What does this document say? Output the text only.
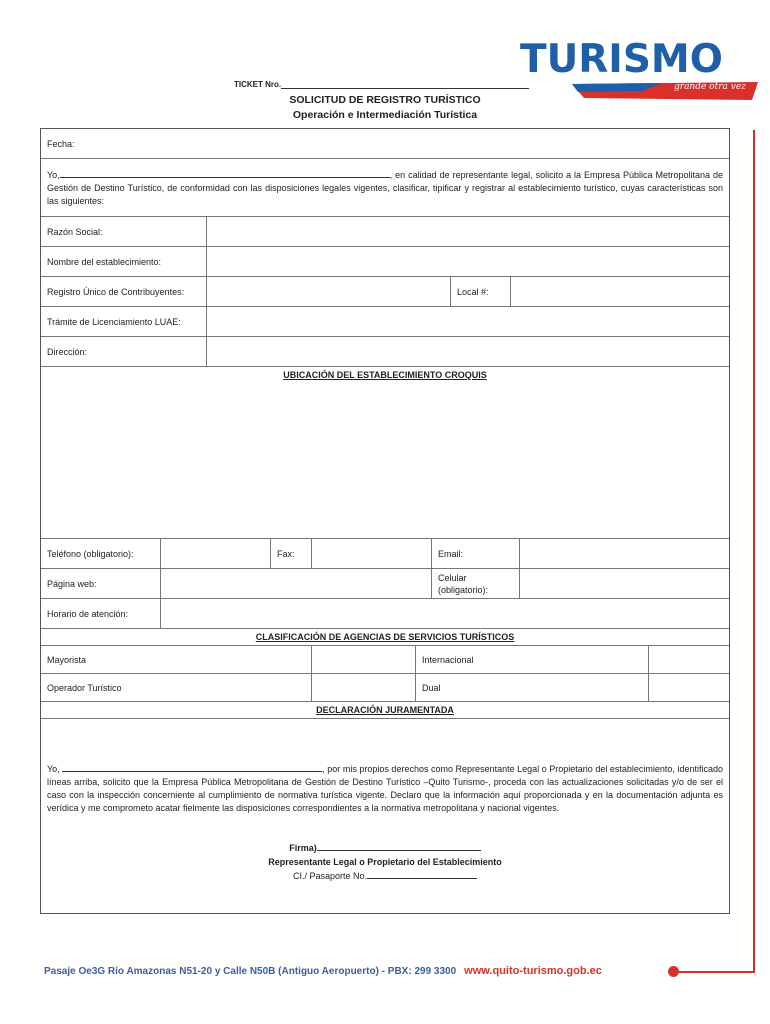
TURISMO
grande otra vez
TICKET Nro.
SOLICITUD DE REGISTRO TURÍSTICO
Operación e Intermediación Turística
Fecha:
Yo,	, en calidad de representante legal, solicito a la Empresa Pública Metropolitana de Gestión de Destino Turístico, de conformidad con las disposiciones legales vigentes, clasificar, tipificar y registrar al establecimiento turístico, cuyas características son las siguientes:
Razón Social:
Nombre del establecimiento:
Registro Único de Contribuyentes:	Local #:
Trámite de Licenciamiento LUAE:
Dirección:
UBICACIÓN DEL ESTABLECIMIENTO CROQUIS
Teléfono (obligatorio):	Fax:	Email:
Página web:
Celular (obligatorio):
Horario de atención:
CLASIFICACIÓN DE AGENCIAS DE SERVICIOS TURÍSTICOS
Mayorista	Internacional
Operador Turístico	Dual
DECLARACIÓN JURAMENTADA
Yo,	, por mis propios derechos como Representante Legal o Propietario del establecimiento, identificado líneas arriba, solicito que la Empresa Pública Metropolitana de Gestión de Destino Turístico –Quito Turismo-, proceda con las actualizaciones solicitadas y/o de ser el caso con la inspección concerniente al cumplimiento de normativa turística vigente. Declaro que la información aquí proporcionada y en la documentación adjunta es verídica y me comprometo acatar fielmente las disposiciones correspondientes a la normativa metropolitana y nacional vigentes.
Firma)
Representante Legal o Propietario del Establecimiento
CI./ Pasaporte No.
Pasaje Oe3G Río Amazonas N51-20 y Calle N50B (Antiguo Aeropuerto) - PBX: 299 3300 www.quito-turismo.gob.ec
